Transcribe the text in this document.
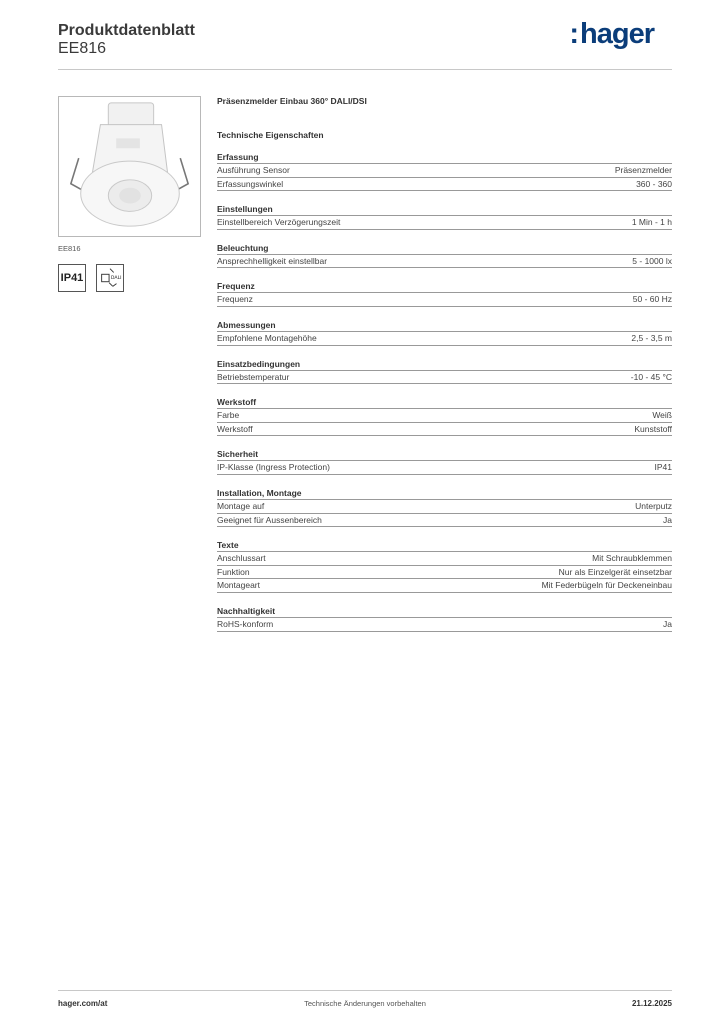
Produktdatenblatt
EE816	:hager
EE816
IP41	DALI
Präsenzmelder Einbau 360° DALI/DSI
Technische Eigenschaften
Erfassung
Ausführung Sensor	Präsenzmelder
Erfassungswinkel	360 - 360
Einstellungen
Einstellbereich Verzögerungszeit	1 Min - 1 h
Beleuchtung
Ansprechhelligkeit einstellbar	5 - 1000 lx
Frequenz
Frequenz	50 - 60 Hz
Abmessungen
Empfohlene Montagehöhe	2,5 - 3,5 m
Einsatzbedingungen
Betriebstemperatur	-10 - 45 °C
Werkstoff
Farbe	Weiß
Werkstoff	Kunststoff
Sicherheit
IP-Klasse (Ingress Protection)	IP41
Installation, Montage
Montage auf	Unterputz
Geeignet für Aussenbereich	Ja
Texte
Anschlussart	Mit Schraubklemmen
Funktion	Nur als Einzelgerät einsetzbar
Montageart	Mit Federbügeln für Deckeneinbau
Nachhaltigkeit
RoHS-konform	Ja
hager.com/at	Technische Änderungen vorbehalten	21.12.2025
